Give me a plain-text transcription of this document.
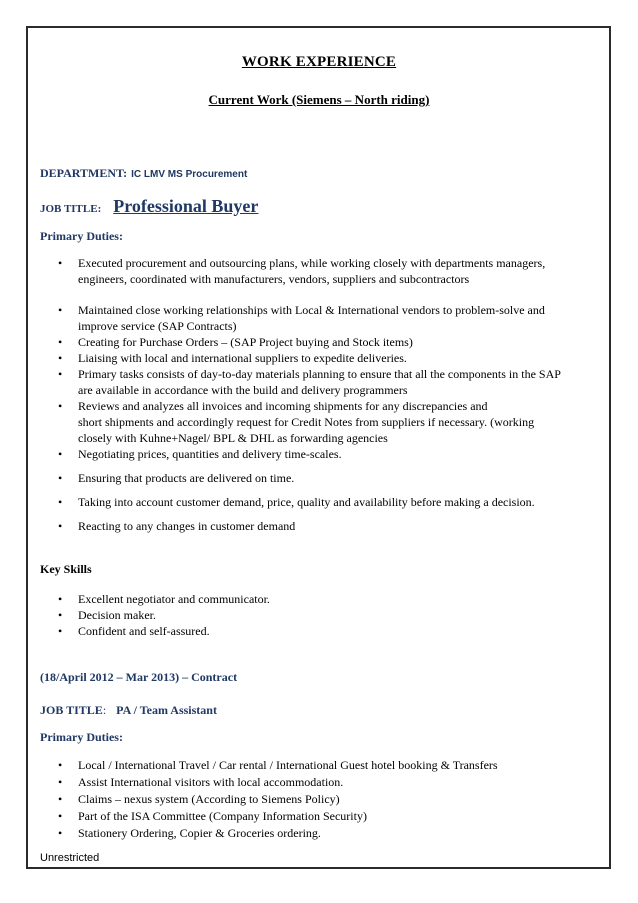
WORK EXPERIENCE
Current Work (Siemens – North riding)
DEPARTMENT: IC LMV MS Procurement
JOB TITLE: Professional Buyer
Primary Duties:
• Executed procurement and outsourcing plans, while working closely with departments managers,
engineers, coordinated with manufacturers, vendors, suppliers and subcontractors
• Maintained close working relationships with Local & International vendors to problem-solve and
improve service (SAP Contracts)
• Creating for Purchase Orders – (SAP Project buying and Stock items)
• Liaising with local and international suppliers to expedite deliveries.
• Primary tasks consists of day-to-day materials planning to ensure that all the components in the SAP
are available in accordance with the build and delivery programmers
• Reviews and analyzes all invoices and incoming shipments for any discrepancies and
short shipments and accordingly request for Credit Notes from suppliers if necessary. (working
closely with Kuhne+Nagel/ BPL & DHL as forwarding agencies
• Negotiating prices, quantities and delivery time-scales.
• Ensuring that products are delivered on time.
• Taking into account customer demand, price, quality and availability before making a decision.
• Reacting to any changes in customer demand
Key Skills
• Excellent negotiator and communicator.
• Decision maker.
• Confident and self-assured.
(18/April 2012 – Mar 2013) – Contract
JOB TITLE: PA / Team Assistant
Primary Duties:
• Local / International Travel / Car rental / International Guest hotel booking & Transfers
• Assist International visitors with local accommodation.
• Claims – nexus system (According to Siemens Policy)
• Part of the ISA Committee (Company Information Security)
• Stationery Ordering, Copier & Groceries ordering.
Unrestricted
